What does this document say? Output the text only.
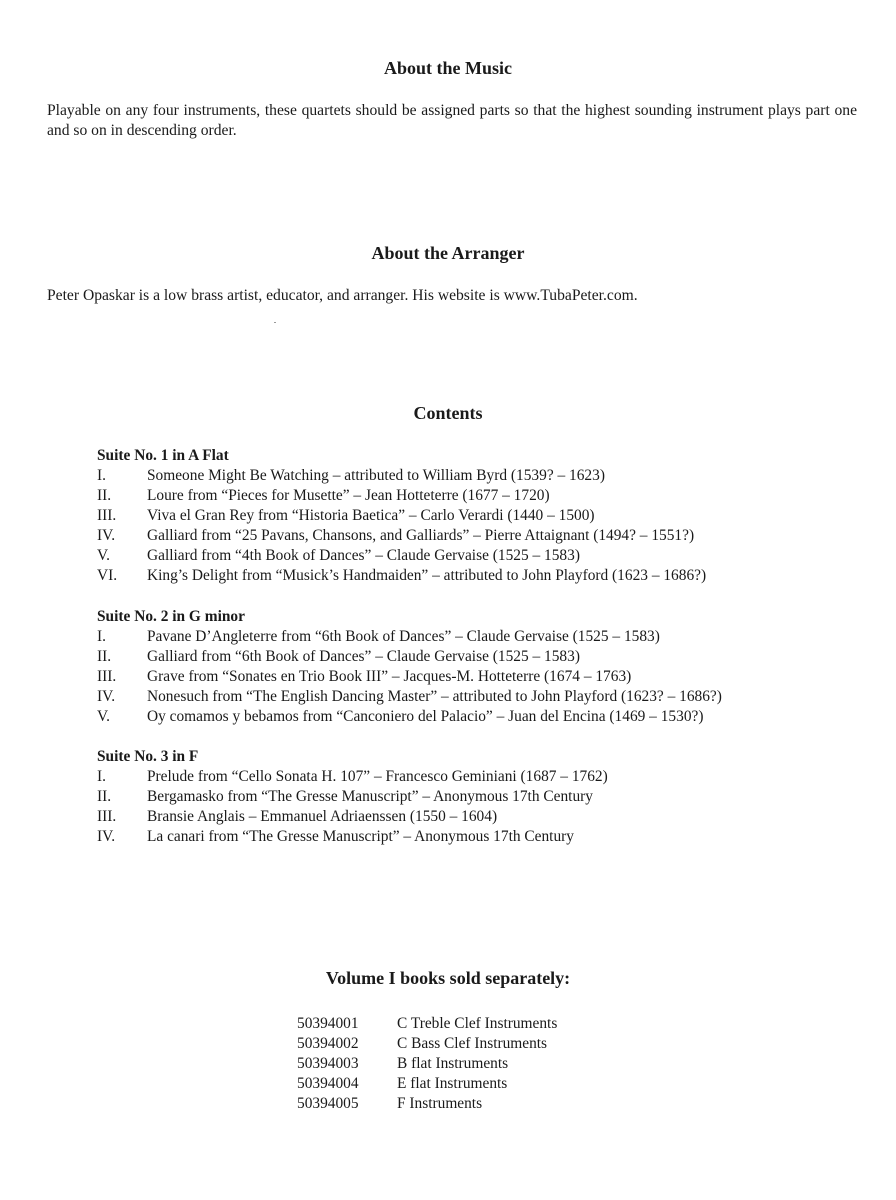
About the Music

Playable on any four instruments, these quartets should be assigned parts so that the highest sounding instrument plays part one and so on in descending order.

About the Arranger

Peter Opaskar is a low brass artist, educator, and arranger. His website is www.TubaPeter.com.

Contents
Suite No. 1 in A Flat
I.	Someone Might Be Watching – attributed to William Byrd (1539? – 1623)
II.	Loure from “Pieces for Musette” – Jean Hotteterre (1677 – 1720)
III.	Viva el Gran Rey from “Historia Baetica” – Carlo Verardi (1440 – 1500)
IV.	Galliard from “25 Pavans, Chansons, and Galliards” – Pierre Attaignant (1494? – 1551?)
V.	Galliard from “4th Book of Dances” – Claude Gervaise (1525 – 1583)
VI.	King’s Delight from “Musick’s Handmaiden” – attributed to John Playford (1623 – 1686?)
Suite No. 2 in G minor
I.	Pavane D’Angleterre from “6th Book of Dances” – Claude Gervaise (1525 – 1583)
II.	Galliard from “6th Book of Dances” – Claude Gervaise (1525 – 1583)
III.	Grave from “Sonates en Trio Book III” – Jacques-M. Hotteterre (1674 – 1763)
IV.	Nonesuch from “The English Dancing Master” – attributed to John Playford (1623? – 1686?)
V.	Oy comamos y bebamos from “Canconiero del Palacio” – Juan del Encina (1469 – 1530?)
Suite No. 3 in F
I.	Prelude from “Cello Sonata H. 107” – Francesco Geminiani (1687 – 1762)
II.	Bergamasko from “The Gresse Manuscript” – Anonymous 17th Century
III.	Bransie Anglais – Emmanuel Adriaenssen (1550 – 1604)
IV.	La canari from “The Gresse Manuscript” – Anonymous 17th Century
Volume I books sold separately:
50394001	C Treble Clef Instruments
50394002	C Bass Clef Instruments
50394003	B flat Instruments
50394004	E flat Instruments
50394005	F Instruments
